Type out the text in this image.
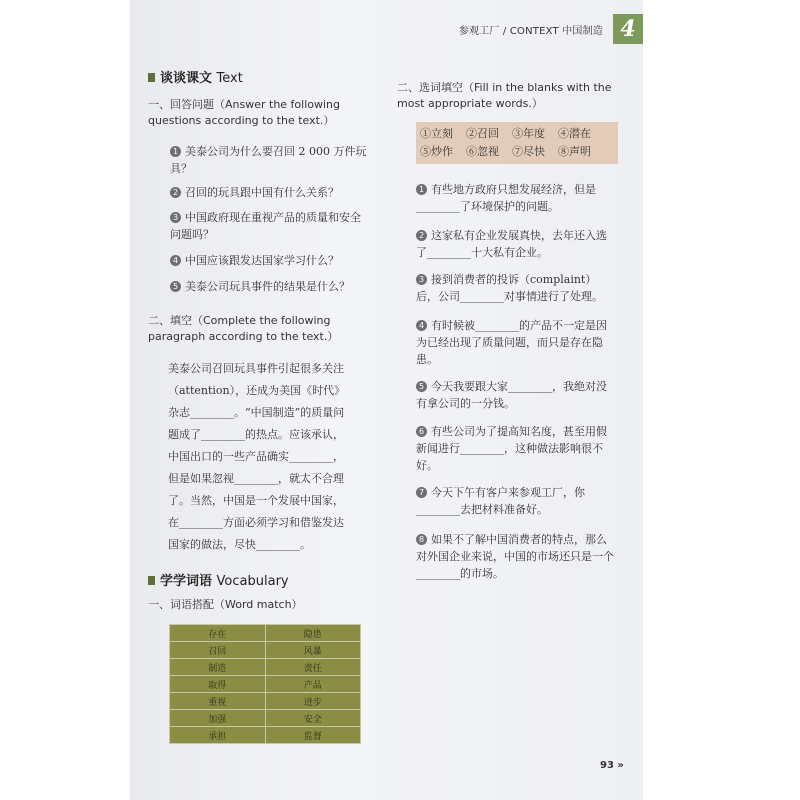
参观工厂 / CONTEXT 中国制造 4
谈谈课文 Text
一、回答问题（Answer the following questions according to the text.）
1 美泰公司为什么要召回 2 000 万件玩具？
2 召回的玩具跟中国有什么关系？
3 中国政府现在重视产品的质量和安全问题吗？
4 中国应该跟发达国家学习什么？
5 美泰公司玩具事件的结果是什么？
二、填空（Complete the following paragraph according to the text.）
美泰公司召回玩具事件引起很多关注（attention），还成为美国《时代》杂志________。“中国制造”的质量问题成了________的热点。应该承认，中国出口的一些产品确实________，但是如果忽视________，就太不合理了。当然，中国是一个发展中国家，在________方面必须学习和借鉴发达国家的做法，尽快________。
学学词语 Vocabulary
一、词语搭配（Word match）
存在	隐患
召回	风暴
制造	责任
取得	产品
重视	进步
加强	安全
承担	监督
二、选词填空（Fill in the blanks with the most appropriate words.）
①立刻 ②召回 ③年度 ④潜在⑤炒作 ⑥忽视 ⑦尽快 ⑧声明
1 有些地方政府只想发展经济，但是________了环境保护的问题。
2 这家私有企业发展真快，去年还入选了________十大私有企业。
3 接到消费者的投诉（complaint）后，公司________对事情进行了处理。
4 有时候被________的产品不一定是因为已经出现了质量问题，而只是存在隐患。
5 今天我要跟大家________，我绝对没有拿公司的一分钱。
6 有些公司为了提高知名度，甚至用假新闻进行________，这种做法影响很不好。
7 今天下午有客户来参观工厂，你________去把材料准备好。
8 如果不了解中国消费者的特点，那么对外国企业来说，中国的市场还只是一个________的市场。
93 »
